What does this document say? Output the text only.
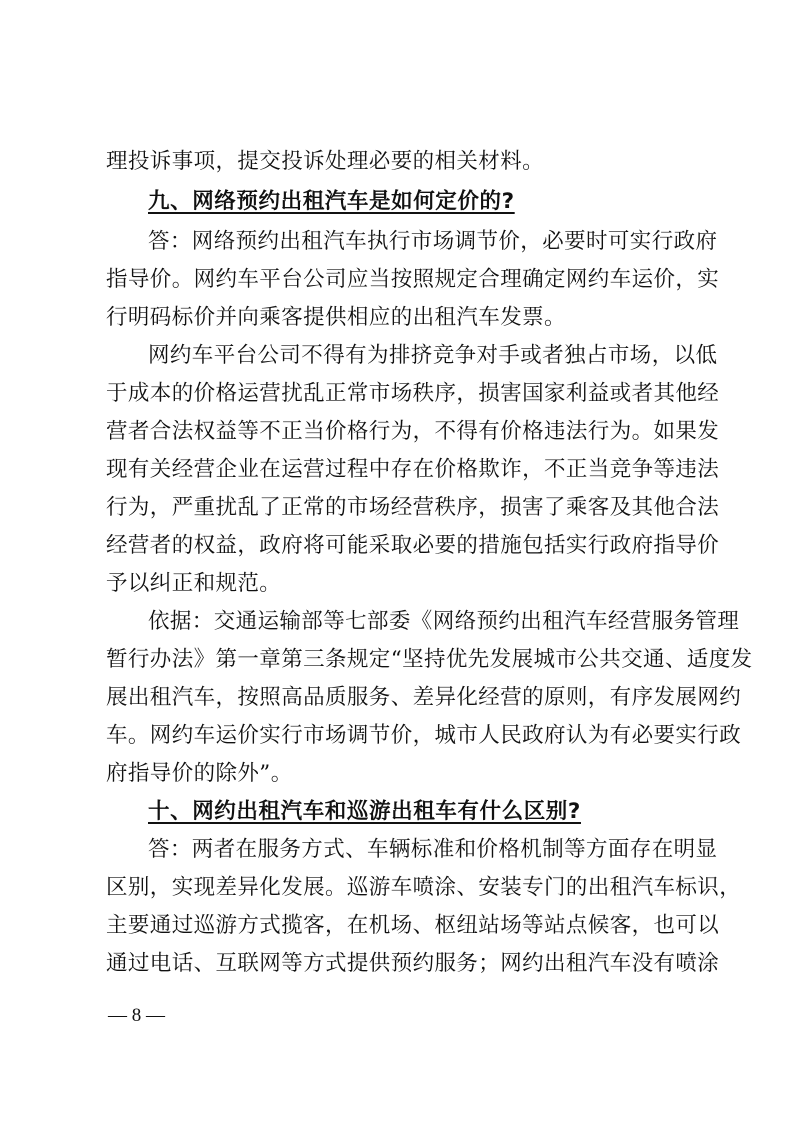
理投诉事项，提交投诉处理必要的相关材料。
九、网络预约出租汽车是如何定价的?
答：网络预约出租汽车执行市场调节价，必要时可实行政府
指导价。网约车平台公司应当按照规定合理确定网约车运价，实
行明码标价并向乘客提供相应的出租汽车发票。
网约车平台公司不得有为排挤竞争对手或者独占市场，以低
于成本的价格运营扰乱正常市场秩序，损害国家利益或者其他经
营者合法权益等不正当价格行为，不得有价格违法行为。如果发
现有关经营企业在运营过程中存在价格欺诈，不正当竞争等违法
行为，严重扰乱了正常的市场经营秩序，损害了乘客及其他合法
经营者的权益，政府将可能采取必要的措施包括实行政府指导价
予以纠正和规范。
依据：交通运输部等七部委《网络预约出租汽车经营服务管理
暂行办法》第一章第三条规定“坚持优先发展城市公共交通、适度发
展出租汽车，按照高品质服务、差异化经营的原则，有序发展网约
车。网约车运价实行市场调节价，城市人民政府认为有必要实行政
府指导价的除外”。
十、网约出租汽车和巡游出租车有什么区别?
答：两者在服务方式、车辆标准和价格机制等方面存在明显
区别，实现差异化发展。巡游车喷涂、安装专门的出租汽车标识，
主要通过巡游方式揽客，在机场、枢纽站场等站点候客，也可以
通过电话、互联网等方式提供预约服务；网约出租汽车没有喷涂
— 8 —
